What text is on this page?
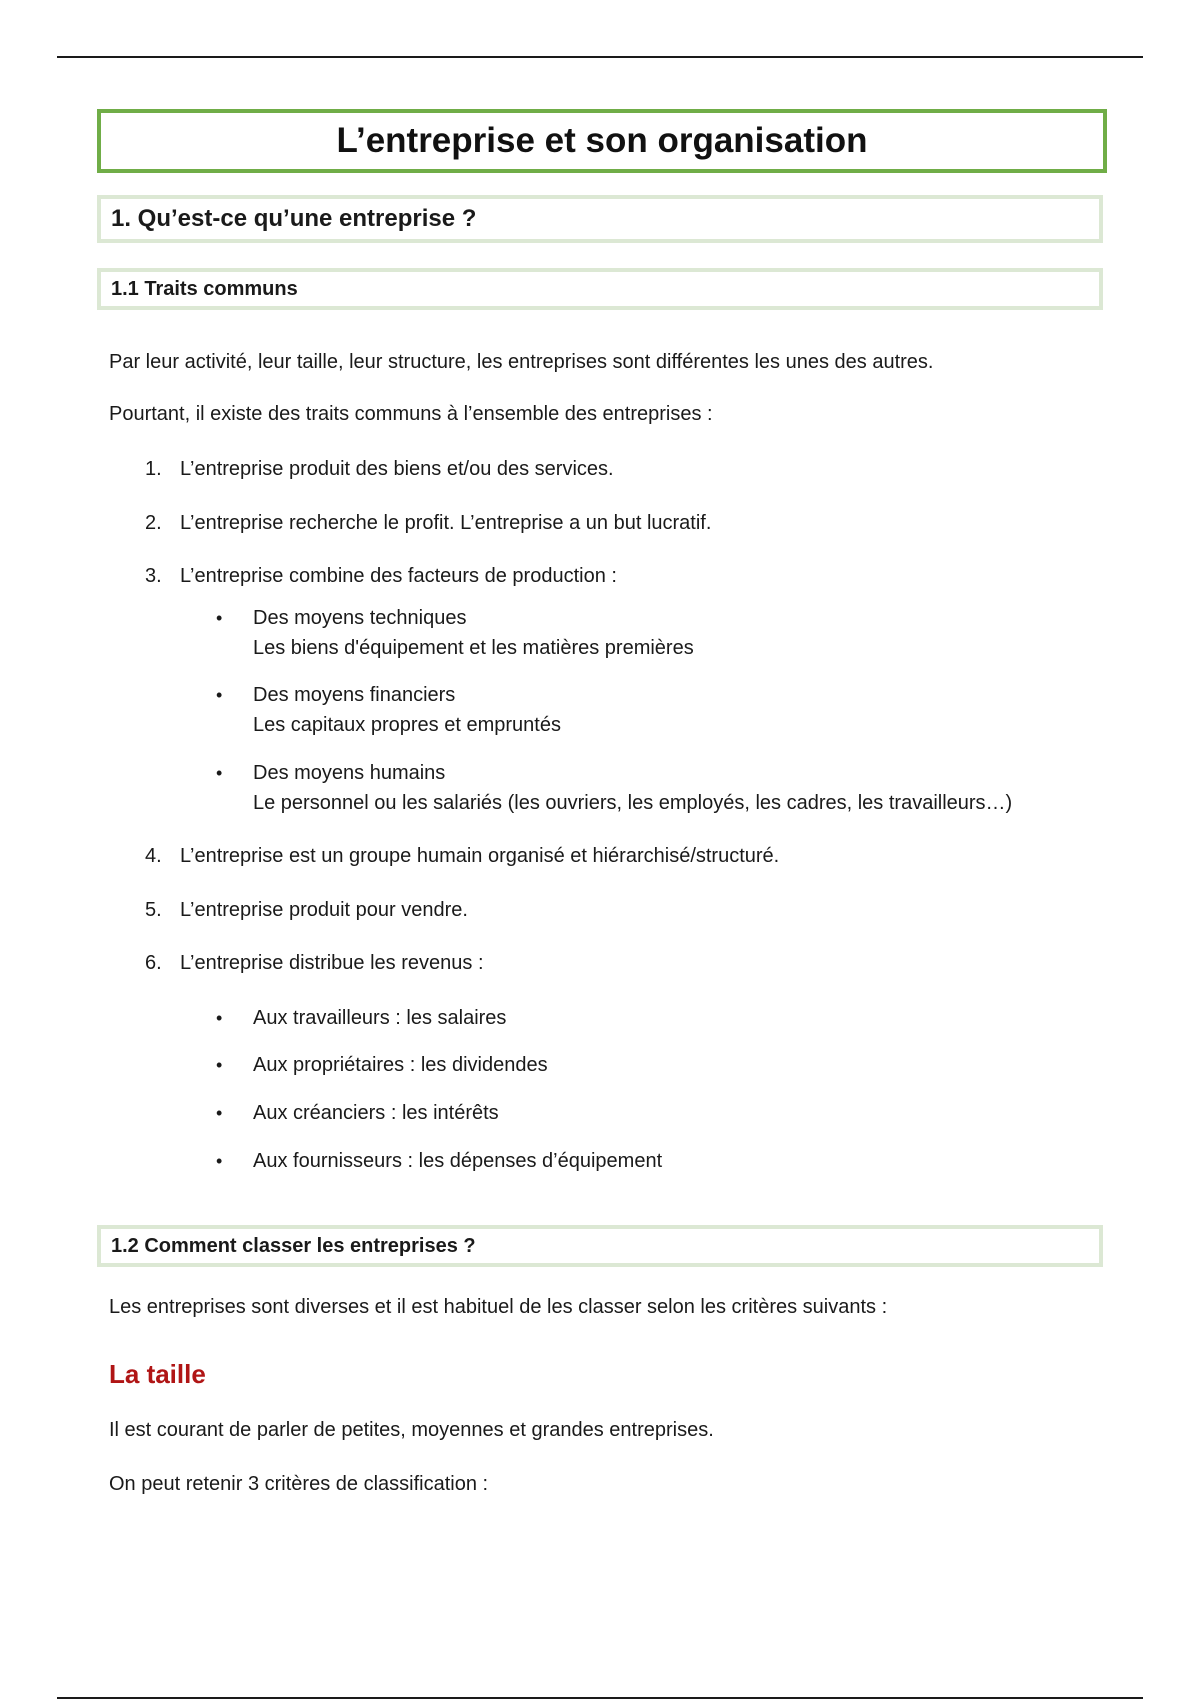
L’entreprise et son organisation
1. Qu’est-ce qu’une entreprise ?
1.1 Traits communs

Par leur activité, leur taille, leur structure, les entreprises sont différentes les unes des autres.

Pourtant, il existe des traits communs à l’ensemble des entreprises :

1. L’entreprise produit des biens et/ou des services.
2. L’entreprise recherche le profit. L’entreprise a un but lucratif.
3. L’entreprise combine des facteurs de production :
• Des moyens techniques
Les biens d'équipement et les matières premières
• Des moyens financiers
Les capitaux propres et empruntés
• Des moyens humains
Le personnel ou les salariés (les ouvriers, les employés, les cadres, les travailleurs…)
4. L’entreprise est un groupe humain organisé et hiérarchisé/structuré.
5. L’entreprise produit pour vendre.
6. L’entreprise distribue les revenus :
• Aux travailleurs : les salaires
• Aux propriétaires : les dividendes
• Aux créanciers : les intérêts
• Aux fournisseurs : les dépenses d’équipement
1.2 Comment classer les entreprises ?

Les entreprises sont diverses et il est habituel de les classer selon les critères suivants :

La taille

Il est courant de parler de petites, moyennes et grandes entreprises.

On peut retenir 3 critères de classification :
